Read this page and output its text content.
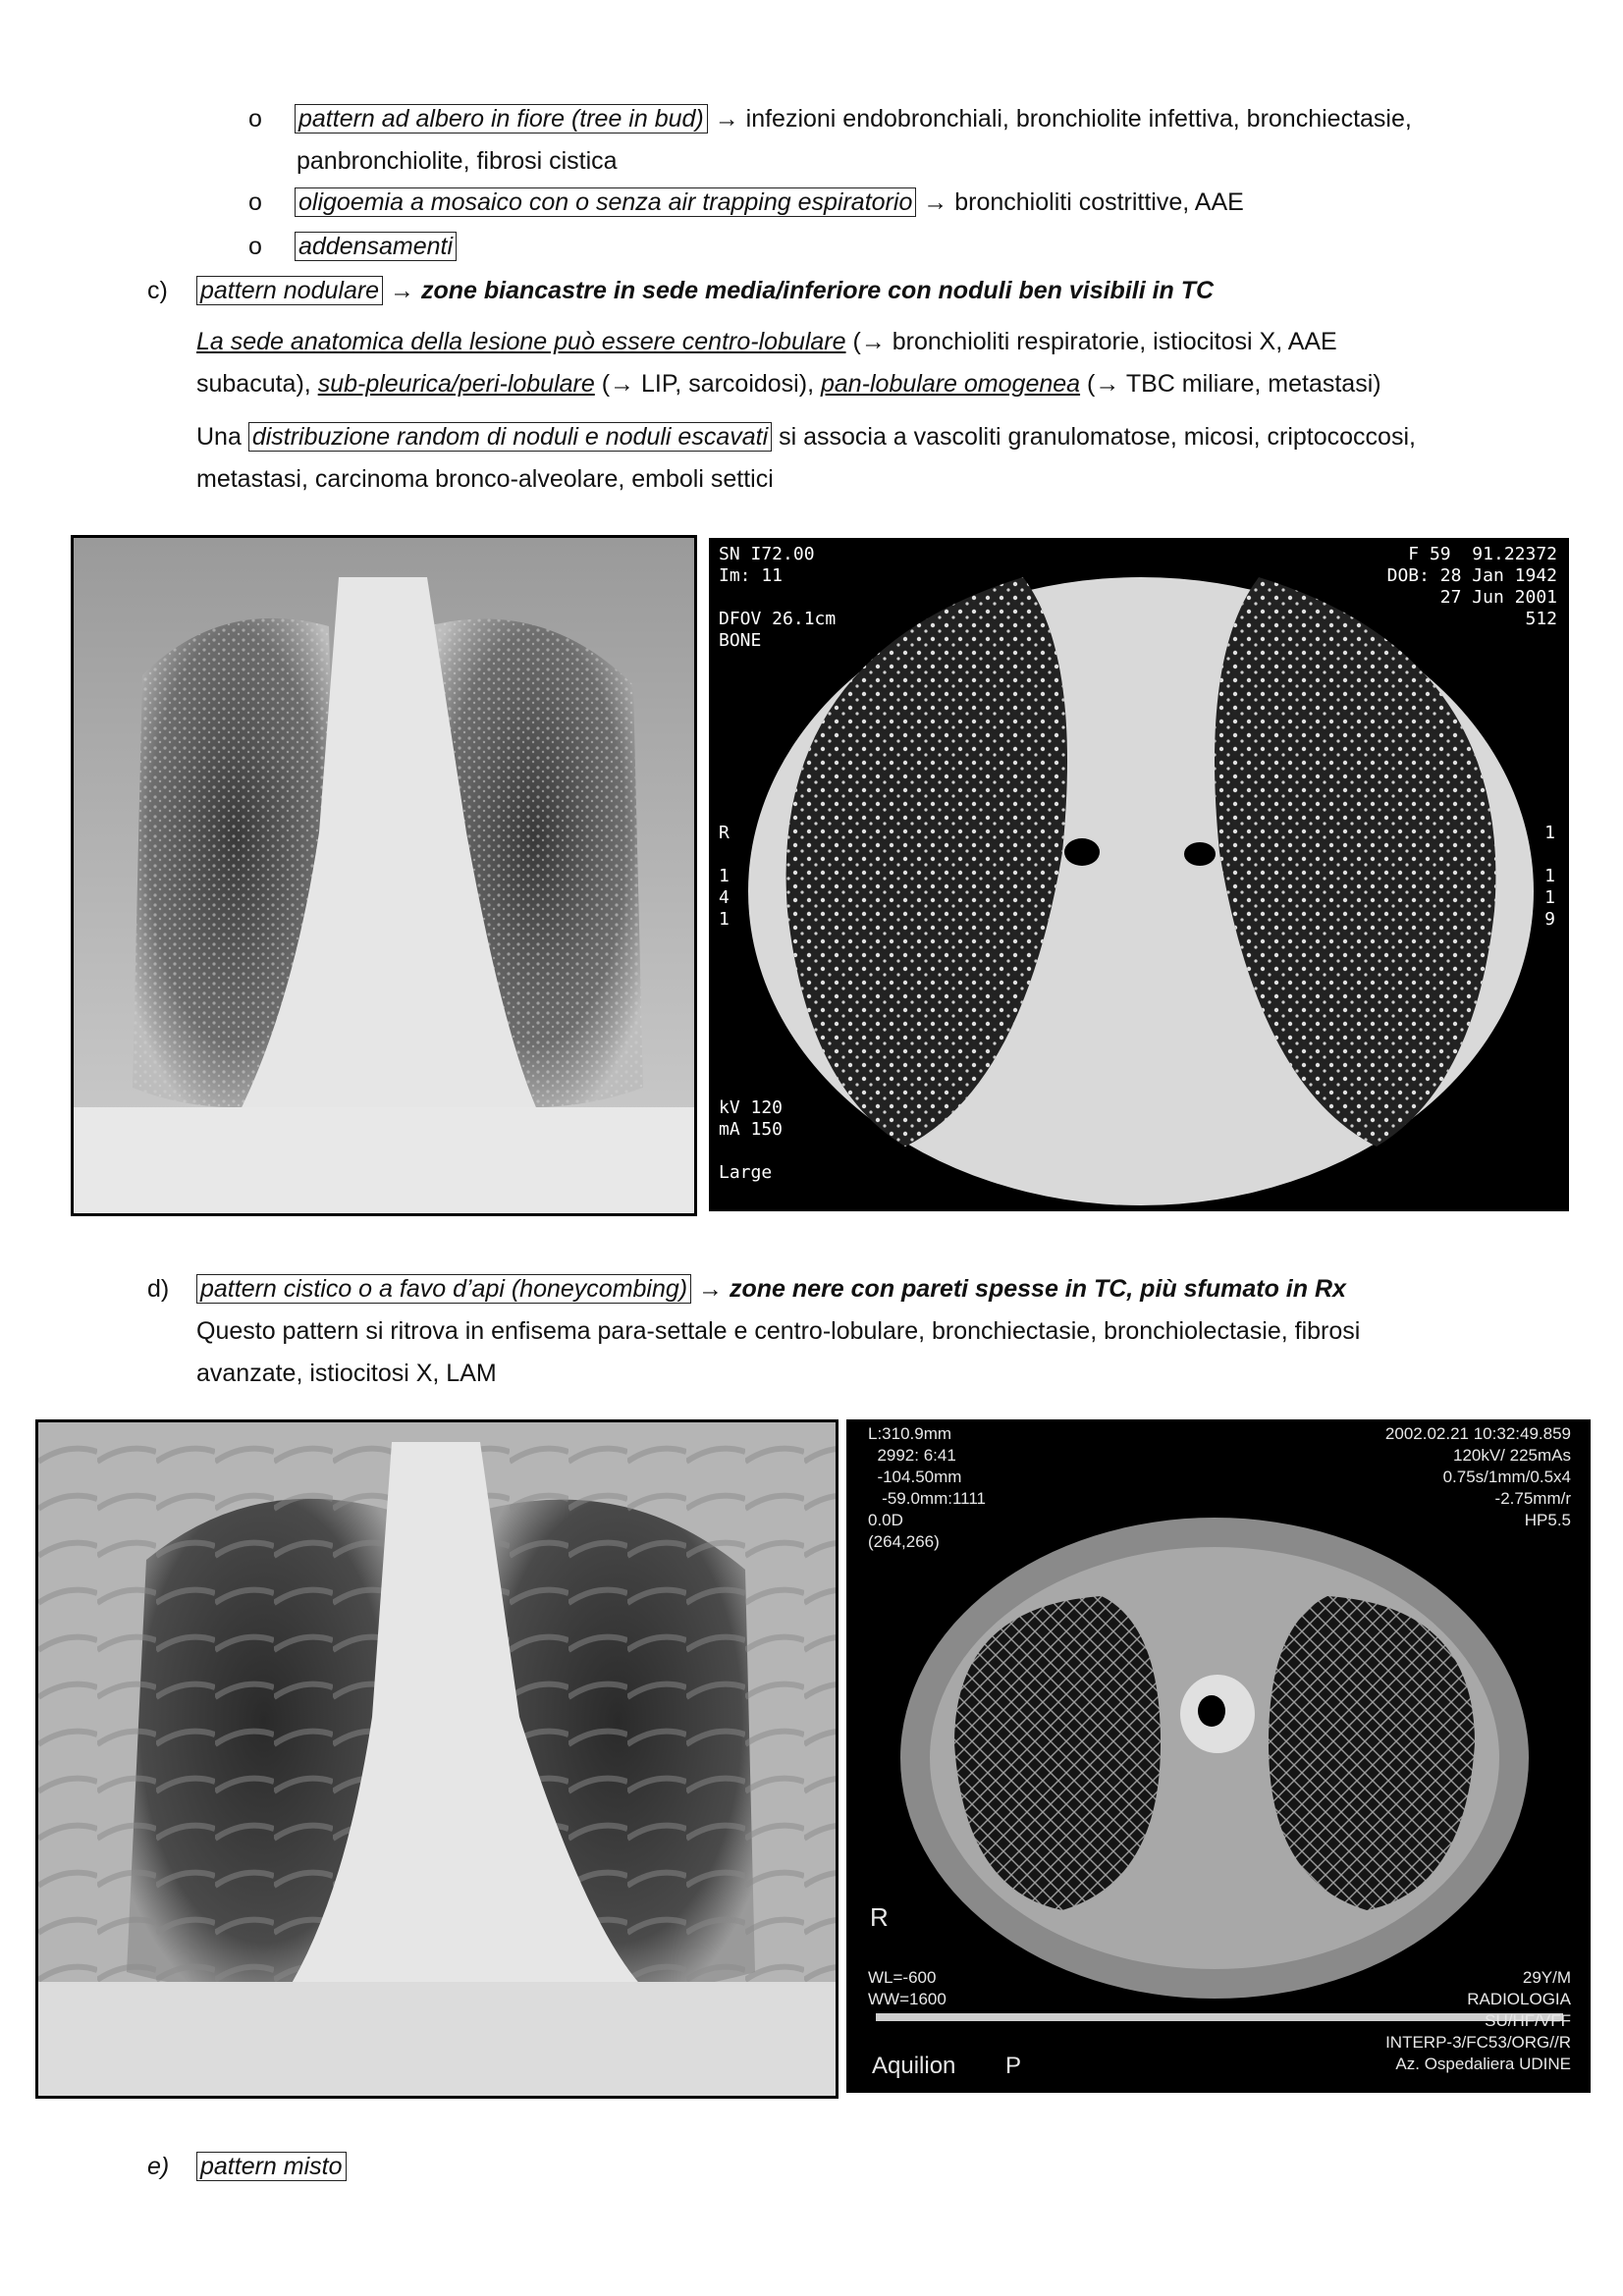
o pattern ad albero in fiore (tree in bud) → infezioni endobronchiali, bronchiolite infettiva, bronchiectasie,
panbronchiolite, fibrosi cistica
o oligoemia a mosaico con o senza air trapping espiratorio → bronchioliti costrittive, AAE
o addensamenti
c) pattern nodulare → zone biancastre in sede media/inferiore con noduli ben visibili in TC
La sede anatomica della lesione può essere centro-lobulare (→ bronchioliti respiratorie, istiocitosi X, AAE
subacuta), sub-pleurica/peri-lobulare (→ LIP, sarcoidosi), pan-lobulare omogenea (→ TBC miliare, metastasi)
Una distribuzione random di noduli e noduli escavati si associa a vascoliti granulomatose, micosi, criptococcosi,
metastasi, carcinoma bronco-alveolare, emboli settici
SN I72.00
Im: 11

DFOV 26.1cm
BONE
F 59  91.22372
DOB: 28 Jan 1942
27 Jun 2001
512
R

1
4
1
1

1
1
9
kV 120
mA 150

Large
d) pattern cistico o a favo d’api (honeycombing) → zone nere con pareti spesse in TC, più sfumato in Rx
Questo pattern si ritrova in enfisema para-settale e centro-lobulare, bronchiectasie, bronchiolectasie, fibrosi
avanzate, istiocitosi X, LAM
L:310.9mm
2992: 6:41
-104.50mm
-59.0mm:1111
0.0D
(264,266)
2002.02.21 10:32:49.859
120kV/ 225mAs
0.75s/1mm/0.5x4
-2.75mm/r
HP5.5
R
WL=-600
WW=1600
29Y/M
RADIOLOGIA
SU/HF/VFF
INTERP-3/FC53/ORG//R
Az. Ospedaliera UDINE
Aquilion P
e) pattern misto
